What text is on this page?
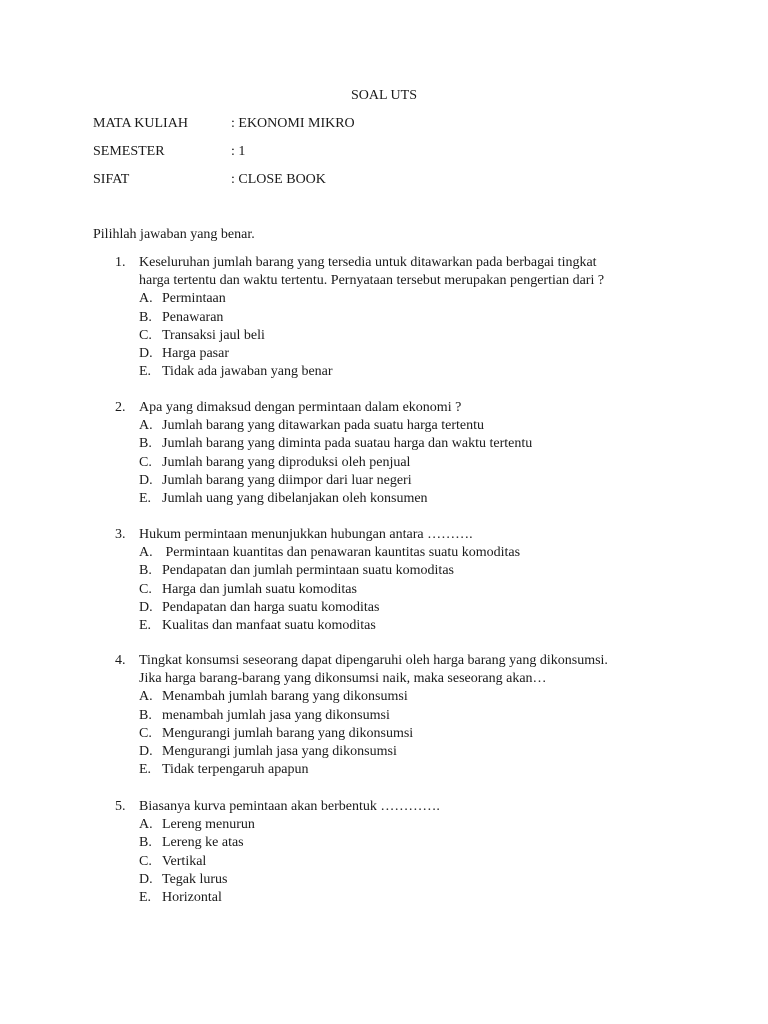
SOAL UTS
MATA KULIAH	: EKONOMI MIKRO
SEMESTER	: 1
SIFAT	: CLOSE BOOK
Pilihlah jawaban yang benar.
1. Keseluruhan jumlah barang yang tersedia untuk ditawarkan pada berbagai tingkat
harga tertentu dan waktu tertentu. Pernyataan tersebut merupakan pengertian dari ?
A. Permintaan
B. Penawaran
C. Transaksi jaul beli
D. Harga pasar
E. Tidak ada jawaban yang benar
2. Apa yang dimaksud dengan permintaan dalam ekonomi ?
A. Jumlah barang yang ditawarkan pada suatu harga tertentu
B. Jumlah barang yang diminta pada suatau harga dan waktu tertentu
C. Jumlah barang yang diproduksi oleh penjual
D. Jumlah barang yang diimpor dari luar negeri
E. Jumlah uang yang dibelanjakan oleh konsumen
3. Hukum permintaan menunjukkan hubungan antara ……….
A. Permintaan kuantitas dan penawaran kauntitas suatu komoditas
B. Pendapatan dan jumlah permintaan suatu komoditas
C. Harga dan jumlah suatu komoditas
D. Pendapatan dan harga suatu komoditas
E. Kualitas dan manfaat suatu komoditas
4. Tingkat konsumsi seseorang dapat dipengaruhi oleh harga barang yang dikonsumsi.
Jika harga barang-barang yang dikonsumsi naik, maka seseorang akan…
A. Menambah jumlah barang yang dikonsumsi
B. menambah jumlah jasa yang dikonsumsi
C. Mengurangi jumlah barang yang dikonsumsi
D. Mengurangi jumlah jasa yang dikonsumsi
E. Tidak terpengaruh apapun
5. Biasanya kurva pemintaan akan berbentuk ………….
A. Lereng menurun
B. Lereng ke atas
C. Vertikal
D. Tegak lurus
E. Horizontal
